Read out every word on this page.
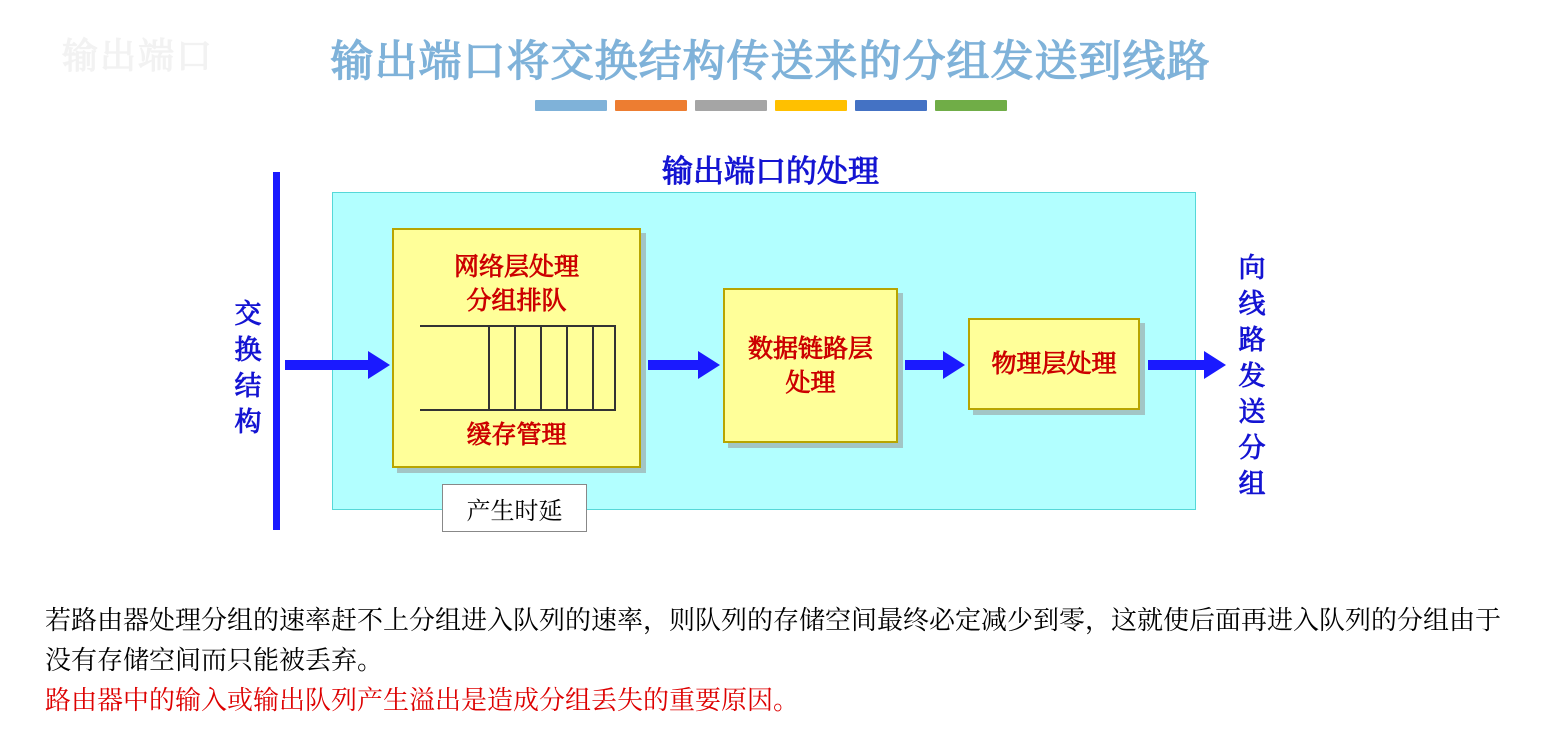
输出端口	输出端口将交换结构传送来的分组发送到线路
输出端口的处理
交换结构
向线路发送分组
网络层处理
分组排队
缓存管理
数据链路层
处理
物理层处理
产生时延
若路由器处理分组的速率赶不上分组进入队列的速率，则队列的存储空间最终必定减少到零，这就使后面再进入队列的分组由于没有存储空间而只能被丢弃。
路由器中的输入或输出队列产生溢出是造成分组丢失的重要原因。
